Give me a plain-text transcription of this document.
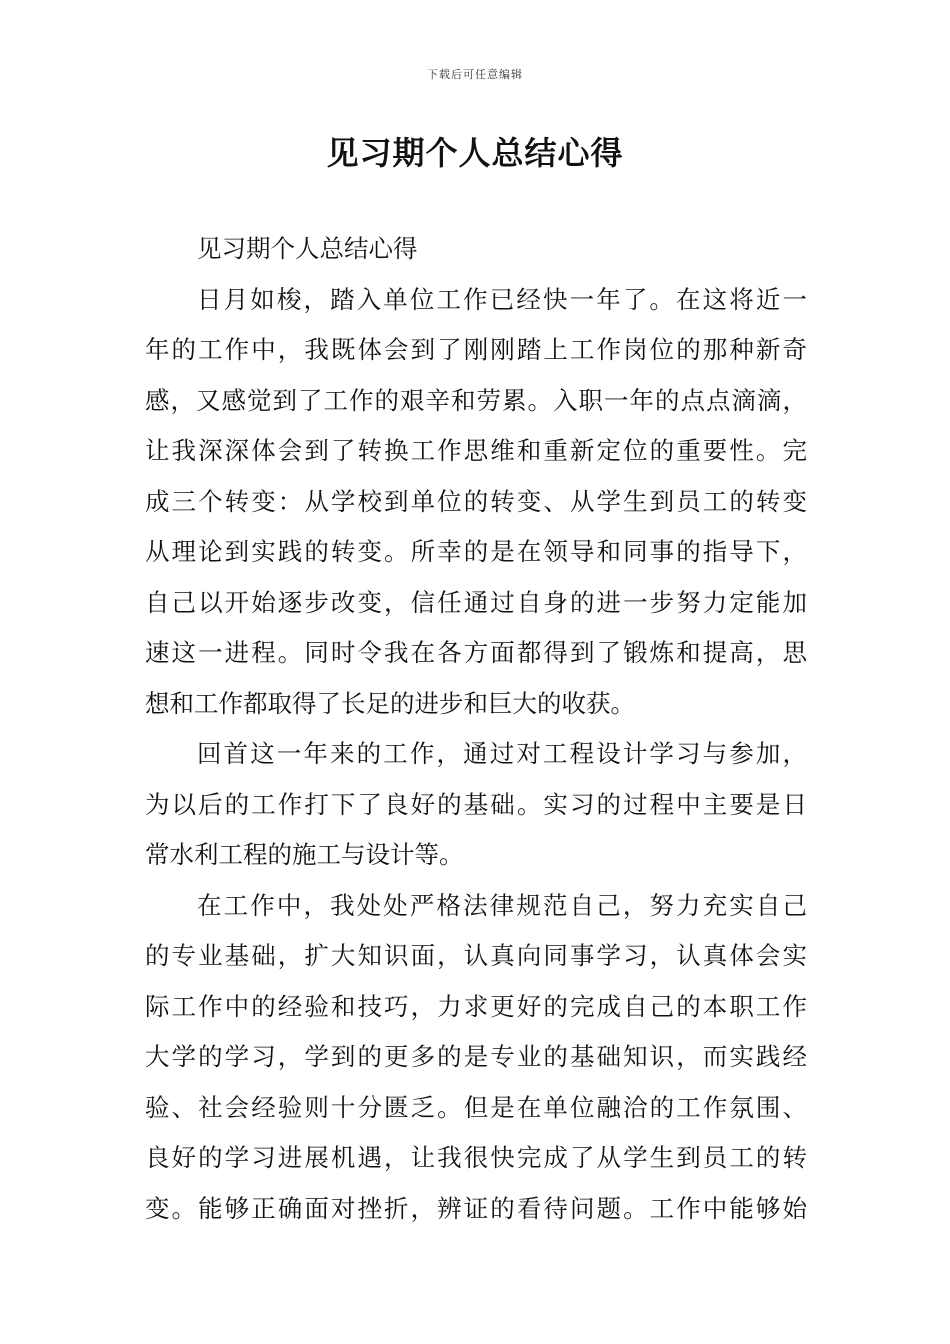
下载后可任意编辑
见习期个人总结心得
见习期个人总结心得
日月如梭，踏入单位工作已经快一年了。在这将近一
年的工作中，我既体会到了刚刚踏上工作岗位的那种新奇
感，又感觉到了工作的艰辛和劳累。入职一年的点点滴滴，
让我深深体会到了转换工作思维和重新定位的重要性。完
成三个转变：从学校到单位的转变、从学生到员工的转变
从理论到实践的转变。所幸的是在领导和同事的指导下，
自己以开始逐步改变，信任通过自身的进一步努力定能加
速这一进程。同时令我在各方面都得到了锻炼和提高，思
想和工作都取得了长足的进步和巨大的收获。
回首这一年来的工作，通过对工程设计学习与参加，
为以后的工作打下了良好的基础。实习的过程中主要是日
常水利工程的施工与设计等。
在工作中，我处处严格法律规范自己，努力充实自己
的专业基础，扩大知识面，认真向同事学习，认真体会实
际工作中的经验和技巧，力求更好的完成自己的本职工作
大学的学习，学到的更多的是专业的基础知识，而实践经
验、社会经验则十分匮乏。但是在单位融洽的工作氛围、
良好的学习进展机遇，让我很快完成了从学生到员工的转
变。能够正确面对挫折，辨证的看待问题。工作中能够始
